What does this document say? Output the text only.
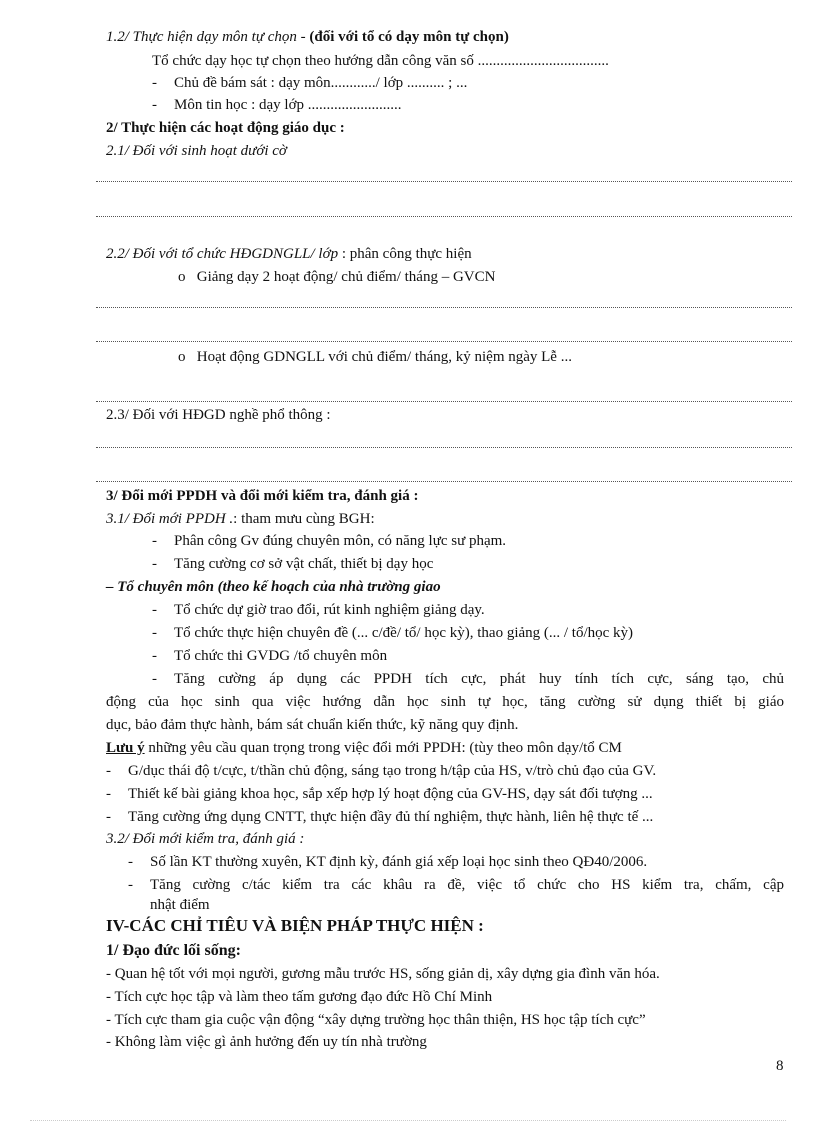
1.2/ Thực hiện dạy môn tự chọn - (đối với tổ có dạy môn tự chọn)
Tổ chức dạy học tự chọn theo hướng dẫn công văn số ...................................
- Chủ đề bám sát : dạy môn............/ lớp .......... ; ...
- Môn tin học : dạy lớp .........................
2/ Thực hiện các hoạt động giáo dục :
2.1/ Đối với sinh hoạt dưới cờ
2.2/ Đối với tổ chức HĐGDNGLL/ lớp : phân công thực hiện
o Giảng dạy 2 hoạt động/ chủ điểm/ tháng – GVCN
o Hoạt động GDNGLL với chủ điểm/ tháng, kỷ niệm ngày Lễ ...
2.3/ Đối với HĐGD nghề phổ thông :
3/ Đổi mới PPDH và đổi mới kiểm tra, đánh giá :
3.1/ Đổi mới PPDH .: tham mưu cùng BGH:
- Phân công Gv đúng chuyên môn, có năng lực sư phạm.
- Tăng cường cơ sở vật chất, thiết bị dạy học
– Tổ chuyên môn (theo kế hoạch của nhà trường giao
- Tổ chức dự giờ trao đổi, rút kinh nghiệm giảng dạy.
- Tổ chức thực hiện chuyên đề (... c/đề/ tổ/ học kỳ), thao giảng (... / tổ/học kỳ)
- Tổ chức thi GVDG /tổ chuyên môn
- Tăng cường áp dụng các PPDH tích cực, phát huy tính tích cực, sáng tạo, chủ
động của học sinh qua việc hướng dẫn học sinh tự học, tăng cường sử dụng thiết bị giáo
dục, bảo đảm thực hành, bám sát chuẩn kiến thức, kỹ năng quy định.
Lưu ý những yêu cầu quan trọng trong việc đổi mới PPDH: (tùy theo môn dạy/tổ CM
- G/dục thái độ t/cực, t/thần chủ động, sáng tạo trong h/tập của HS, v/trò chủ đạo của GV.
- Thiết kế bài giảng khoa học, sắp xếp hợp lý hoạt động của GV-HS, dạy sát đối tượng ...
- Tăng cường ứng dụng CNTT, thực hiện đầy đủ thí nghiệm, thực hành, liên hệ thực tế ...
3.2/ Đổi mới kiểm tra, đánh giá :
- Số lần KT thường xuyên, KT định kỳ, đánh giá xếp loại học sinh theo QĐ40/2006.
- Tăng cường c/tác kiểm tra các khâu ra đề, việc tổ chức cho HS kiểm tra, chấm, cập
nhật điểm
IV-CÁC CHỈ TIÊU VÀ BIỆN PHÁP THỰC HIỆN :
1/ Đạo đức lối sống:
- Quan hệ tốt với mọi người, gương mẫu trước HS, sống giản dị, xây dựng gia đình văn hóa.
- Tích cực học tập và làm theo tấm gương đạo đức Hồ Chí Minh
- Tích cực tham gia cuộc vận động “xây dựng trường học thân thiện, HS học tập tích cực”
- Không làm việc gì ảnh hưởng đến uy tín nhà trường
8
